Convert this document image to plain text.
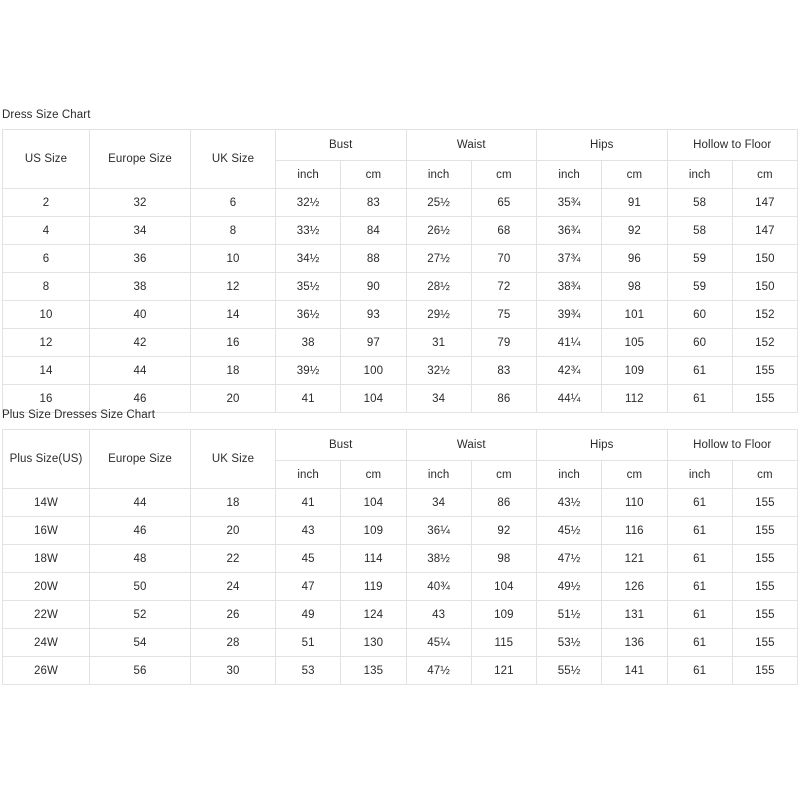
Dress Size Chart
US Size	Europe Size	UK Size	Bust		Waist		Hips		Hollow to Floor	
			inch	cm	inch	cm	inch	cm	inch	cm
2	32	6	32½	83	25½	65	35¾	91	58	147
4	34	8	33½	84	26½	68	36¾	92	58	147
6	36	10	34½	88	27½	70	37¾	96	59	150
8	38	12	35½	90	28½	72	38¾	98	59	150
10	40	14	36½	93	29½	75	39¾	101	60	152
12	42	16	38	97	31	79	41¼	105	60	152
14	44	18	39½	100	32½	83	42¾	109	61	155
16	46	20	41	104	34	86	44¼	112	61	155
Plus Size Dresses Size Chart
Plus Size(US)	Europe Size	UK Size	Bust		Waist		Hips		Hollow to Floor	
			inch	cm	inch	cm	inch	cm	inch	cm
14W	44	18	41	104	34	86	43½	110	61	155
16W	46	20	43	109	36¼	92	45½	116	61	155
18W	48	22	45	114	38½	98	47½	121	61	155
20W	50	24	47	119	40¾	104	49½	126	61	155
22W	52	26	49	124	43	109	51½	131	61	155
24W	54	28	51	130	45¼	115	53½	136	61	155
26W	56	30	53	135	47½	121	55½	141	61	155
